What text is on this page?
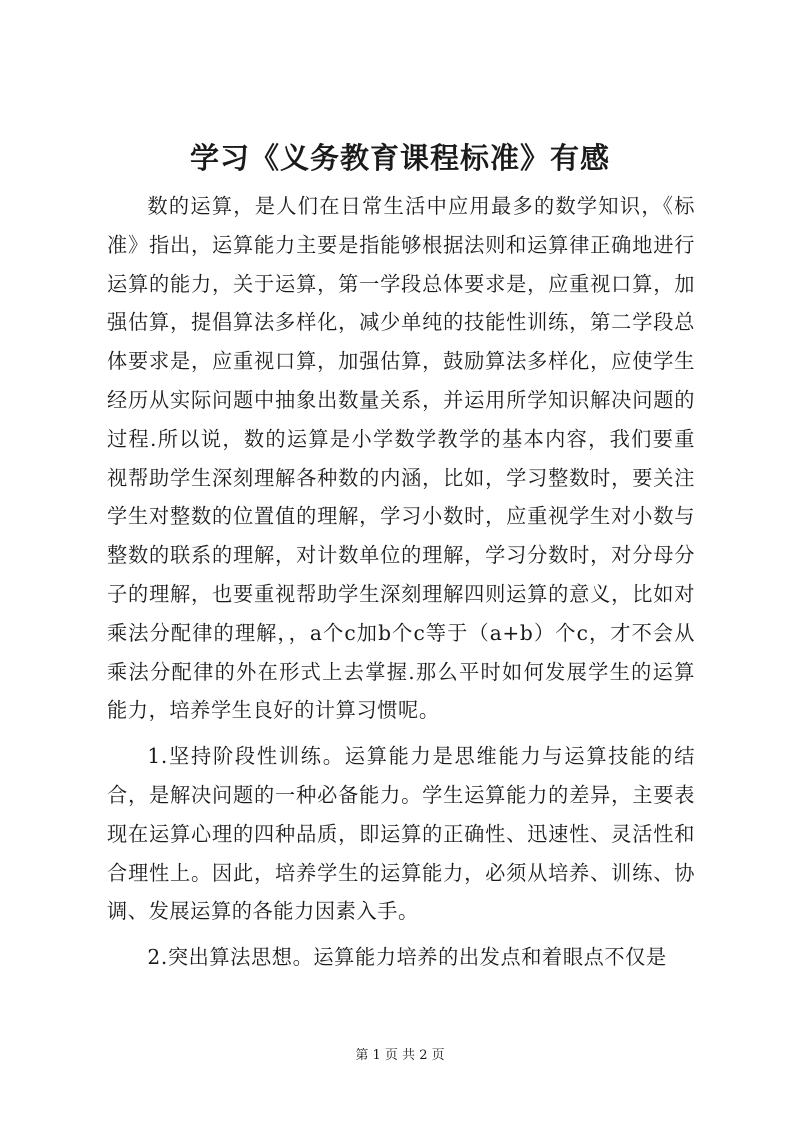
学习《义务教育课程标准》有感

数的运算，是人们在日常生活中应用最多的数学知识，《标准》指出，运算能力主要是指能够根据法则和运算律正确地进行运算的能力，关于运算，第一学段总体要求是，应重视口算，加强估算，提倡算法多样化，减少单纯的技能性训练，第二学段总体要求是，应重视口算，加强估算，鼓励算法多样化，应使学生经历从实际问题中抽象出数量关系，并运用所学知识解决问题的过程.所以说，数的运算是小学数学教学的基本内容，我们要重视帮助学生深刻理解各种数的内涵，比如，学习整数时，要关注学生对整数的位置值的理解，学习小数时，应重视学生对小数与整数的联系的理解，对计数单位的理解，学习分数时，对分母分子的理解，也要重视帮助学生深刻理解四则运算的意义，比如对乘法分配律的理解，，a个c加b个c等于（a+b）个c，才不会从乘法分配律的外在形式上去掌握.那么平时如何发展学生的运算能力，培养学生良好的计算习惯呢。

1.坚持阶段性训练。运算能力是思维能力与运算技能的结合，是解决问题的一种必备能力。学生运算能力的差异，主要表现在运算心理的四种品质，即运算的正确性、迅速性、灵活性和合理性上。因此，培养学生的运算能力，必须从培养、训练、协调、发展运算的各能力因素入手。

2.突出算法思想。运算能力培养的出发点和着眼点不仅是

第 1 页 共 2 页
